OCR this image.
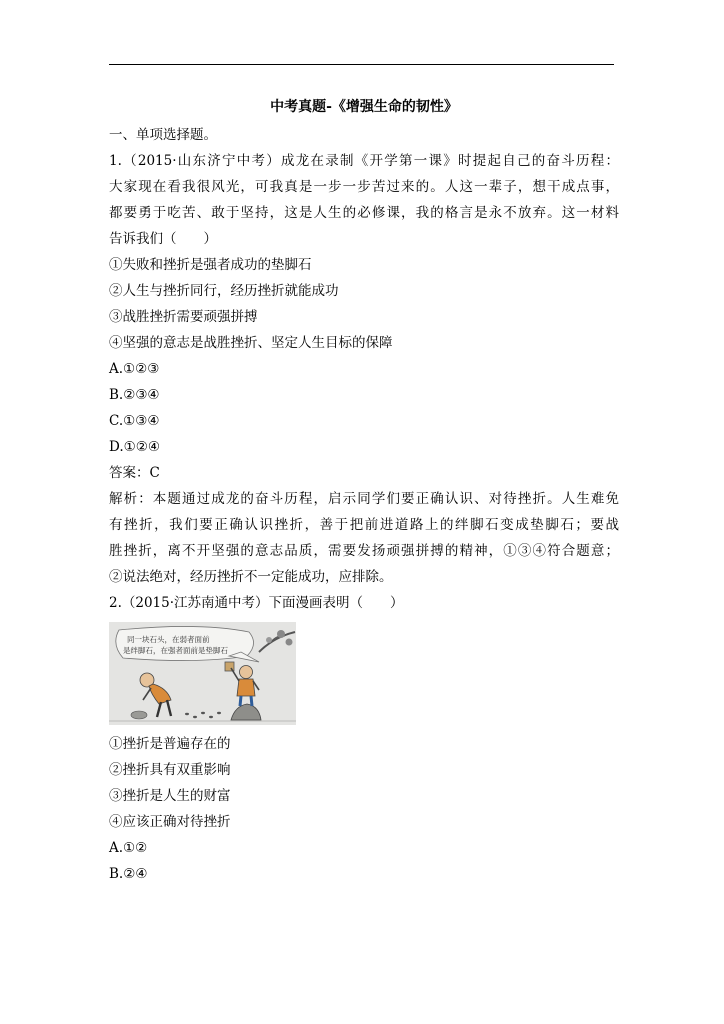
中考真题-《增强生命的韧性》
一、单项选择题。
1.（2015·山东济宁中考）成龙在录制《开学第一课》时提起自己的奋斗历程：
大家现在看我很风光，可我真是一步一步苦过来的。人这一辈子，想干成点事，
都要勇于吃苦、敢于坚持，这是人生的必修课，我的格言是永不放弃。这一材料
告诉我们（　　）
①失败和挫折是强者成功的垫脚石
②人生与挫折同行，经历挫折就能成功
③战胜挫折需要顽强拼搏
④坚强的意志是战胜挫折、坚定人生目标的保障
A.①②③
B.②③④
C.①③④
D.①②④
答案：C
解析：本题通过成龙的奋斗历程，启示同学们要正确认识、对待挫折。人生难免
有挫折，我们要正确认识挫折，善于把前进道路上的绊脚石变成垫脚石；要战
胜挫折，离不开坚强的意志品质，需要发扬顽强拼搏的精神，①③④符合题意；
②说法绝对，经历挫折不一定能成功，应排除。
2.（2015·江苏南通中考）下面漫画表明（　　）
同一块石头，在弱者面前
是绊脚石，在强者面前是垫脚石
①挫折是普遍存在的
②挫折具有双重影响
③挫折是人生的财富
④应该正确对待挫折
A.①②
B.②④
